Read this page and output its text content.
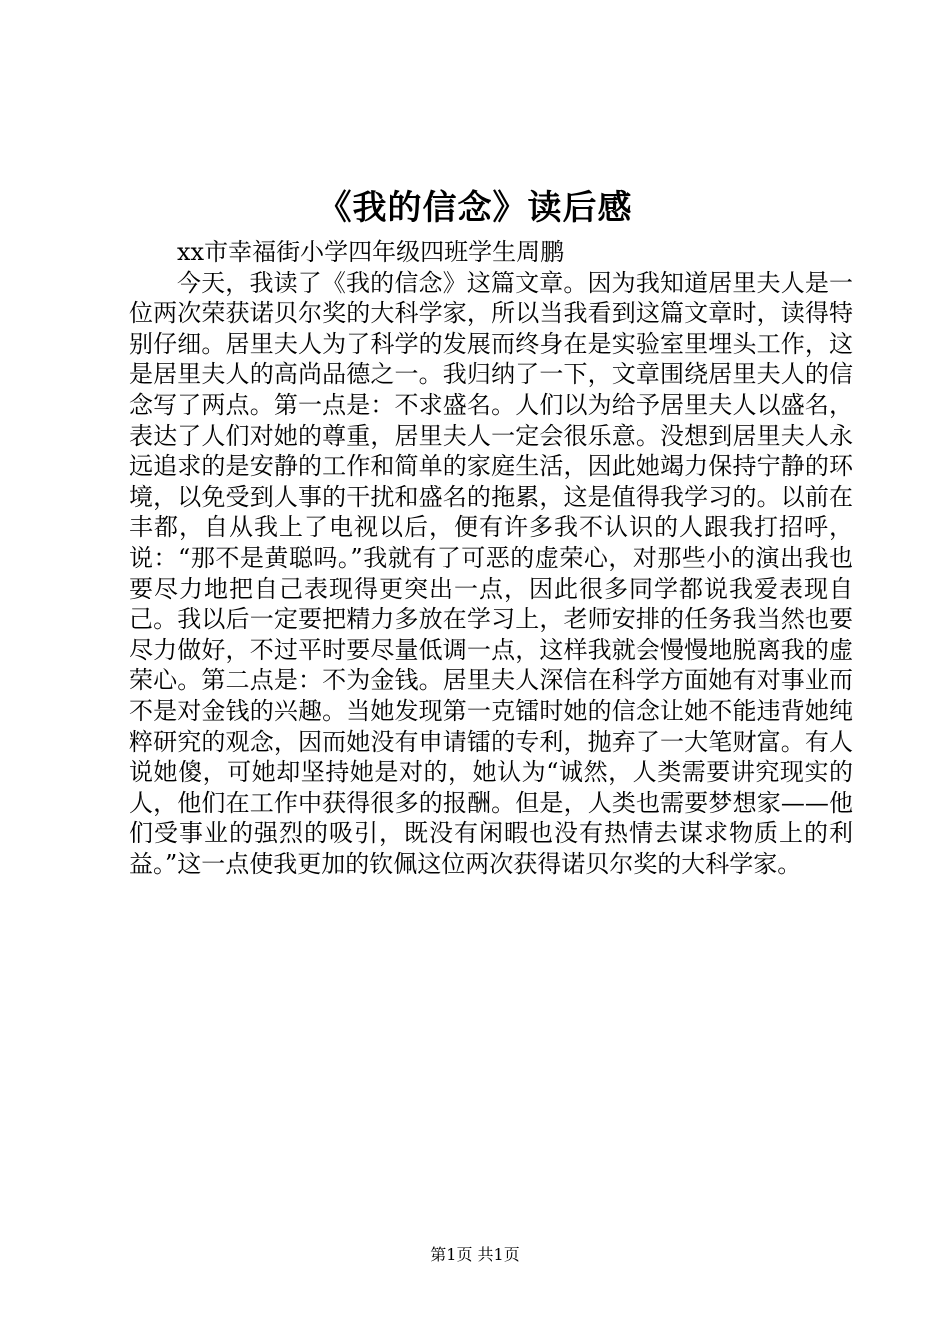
《我的信念》读后感

xx市幸福街小学四年级四班学生周鹏

今天，我读了《我的信念》这篇文章。因为我知道居里夫人是一位两次荣获诺贝尔奖的大科学家，所以当我看到这篇文章时，读得特别仔细。居里夫人为了科学的发展而终身在是实验室里埋头工作，这是居里夫人的高尚品德之一。我归纳了一下，文章围绕居里夫人的信念写了两点。第一点是：不求盛名。人们以为给予居里夫人以盛名，表达了人们对她的尊重，居里夫人一定会很乐意。没想到居里夫人永远追求的是安静的工作和简单的家庭生活，因此她竭力保持宁静的环境，以免受到人事的干扰和盛名的拖累，这是值得我学习的。以前在丰都，自从我上了电视以后，便有许多我不认识的人跟我打招呼，说：“那不是黄聪吗。”我就有了可恶的虚荣心，对那些小的演出我也要尽力地把自己表现得更突出一点，因此很多同学都说我爱表现自己。我以后一定要把精力多放在学习上，老师安排的任务我当然也要尽力做好，不过平时要尽量低调一点，这样我就会慢慢地脱离我的虚荣心。第二点是：不为金钱。居里夫人深信在科学方面她有对事业而不是对金钱的兴趣。当她发现第一克镭时她的信念让她不能违背她纯粹研究的观念，因而她没有申请镭的专利，抛弃了一大笔财富。有人说她傻，可她却坚持她是对的，她认为“诚然，人类需要讲究现实的人，他们在工作中获得很多的报酬。但是，人类也需要梦想家——他们受事业的强烈的吸引，既没有闲暇也没有热情去谋求物质上的利益。”这一点使我更加的钦佩这位两次获得诺贝尔奖的大科学家。

第1页 共1页
